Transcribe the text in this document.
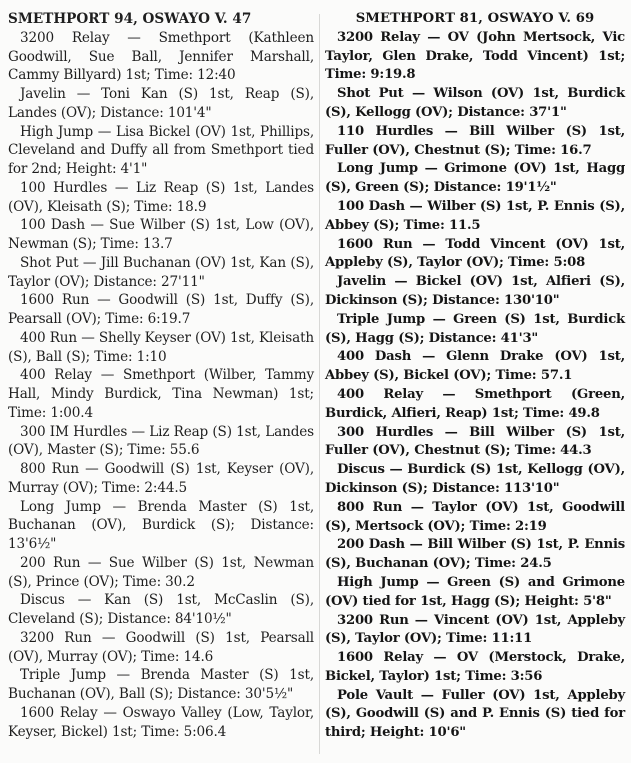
SMETHPORT 94, OSWAYO V. 47

3200 Relay — Smethport (Kathleen Goodwill, Sue Ball, Jennifer Marshall, Cammy Billyard) 1st; Time: 12:40

Javelin — Toni Kan (S) 1st, Reap (S), Landes (OV); Distance: 101'4"

High Jump — Lisa Bickel (OV) 1st, Phillips, Cleveland and Duffy all from Smethport tied for 2nd; Height: 4'1"

100 Hurdles — Liz Reap (S) 1st, Landes (OV), Kleisath (S); Time: 18.9

100 Dash — Sue Wilber (S) 1st, Low (OV), Newman (S); Time: 13.7

Shot Put — Jill Buchanan (OV) 1st, Kan (S), Taylor (OV); Distance: 27'11"

1600 Run — Goodwill (S) 1st, Duffy (S), Pearsall (OV); Time: 6:19.7

400 Run — Shelly Keyser (OV) 1st, Kleisath (S), Ball (S); Time: 1:10

400 Relay — Smethport (Wilber, Tammy Hall, Mindy Burdick, Tina Newman) 1st; Time: 1:00.4

300 IM Hurdles — Liz Reap (S) 1st, Landes (OV), Master (S); Time: 55.6

800 Run — Goodwill (S) 1st, Keyser (OV), Murray (OV); Time: 2:44.5

Long Jump — Brenda Master (S) 1st, Buchanan (OV), Burdick (S); Distance: 13'6½"

200 Run — Sue Wilber (S) 1st, Newman (S), Prince (OV); Time: 30.2

Discus — Kan (S) 1st, McCaslin (S), Cleveland (S); Distance: 84'10½"

3200 Run — Goodwill (S) 1st, Pearsall (OV), Murray (OV); Time: 14.6

Triple Jump — Brenda Master (S) 1st, Buchanan (OV), Ball (S); Distance: 30'5½"

1600 Relay — Oswayo Valley (Low, Taylor, Keyser, Bickel) 1st; Time: 5:06.4

SMETHPORT 81, OSWAYO V. 69

3200 Relay — OV (John Mertsock, Vic Taylor, Glen Drake, Todd Vincent) 1st; Time: 9:19.8

Shot Put — Wilson (OV) 1st, Burdick (S), Kellogg (OV); Distance: 37'1"

110 Hurdles — Bill Wilber (S) 1st, Fuller (OV), Chestnut (S); Time: 16.7

Long Jump — Grimone (OV) 1st, Hagg (S), Green (S); Distance: 19'1½"

100 Dash — Wilber (S) 1st, P. Ennis (S), Abbey (S); Time: 11.5

1600 Run — Todd Vincent (OV) 1st, Appleby (S), Taylor (OV); Time: 5:08

Javelin — Bickel (OV) 1st, Alfieri (S), Dickinson (S); Distance: 130'10"

Triple Jump — Green (S) 1st, Burdick (S), Hagg (S); Distance: 41'3"

400 Dash — Glenn Drake (OV) 1st, Abbey (S), Bickel (OV); Time: 57.1

400 Relay — Smethport (Green, Burdick, Alfieri, Reap) 1st; Time: 49.8

300 Hurdles — Bill Wilber (S) 1st, Fuller (OV), Chestnut (S); Time: 44.3

Discus — Burdick (S) 1st, Kellogg (OV), Dickinson (S); Distance: 113'10"

800 Run — Taylor (OV) 1st, Goodwill (S), Mertsock (OV); Time: 2:19

200 Dash — Bill Wilber (S) 1st, P. Ennis (S), Buchanan (OV); Time: 24.5

High Jump — Green (S) and Grimone (OV) tied for 1st, Hagg (S); Height: 5'8"

3200 Run — Vincent (OV) 1st, Appleby (S), Taylor (OV); Time: 11:11

1600 Relay — OV (Merstock, Drake, Bickel, Taylor) 1st; Time: 3:56

Pole Vault — Fuller (OV) 1st, Appleby (S), Goodwill (S) and P. Ennis (S) tied for third; Height: 10'6"
